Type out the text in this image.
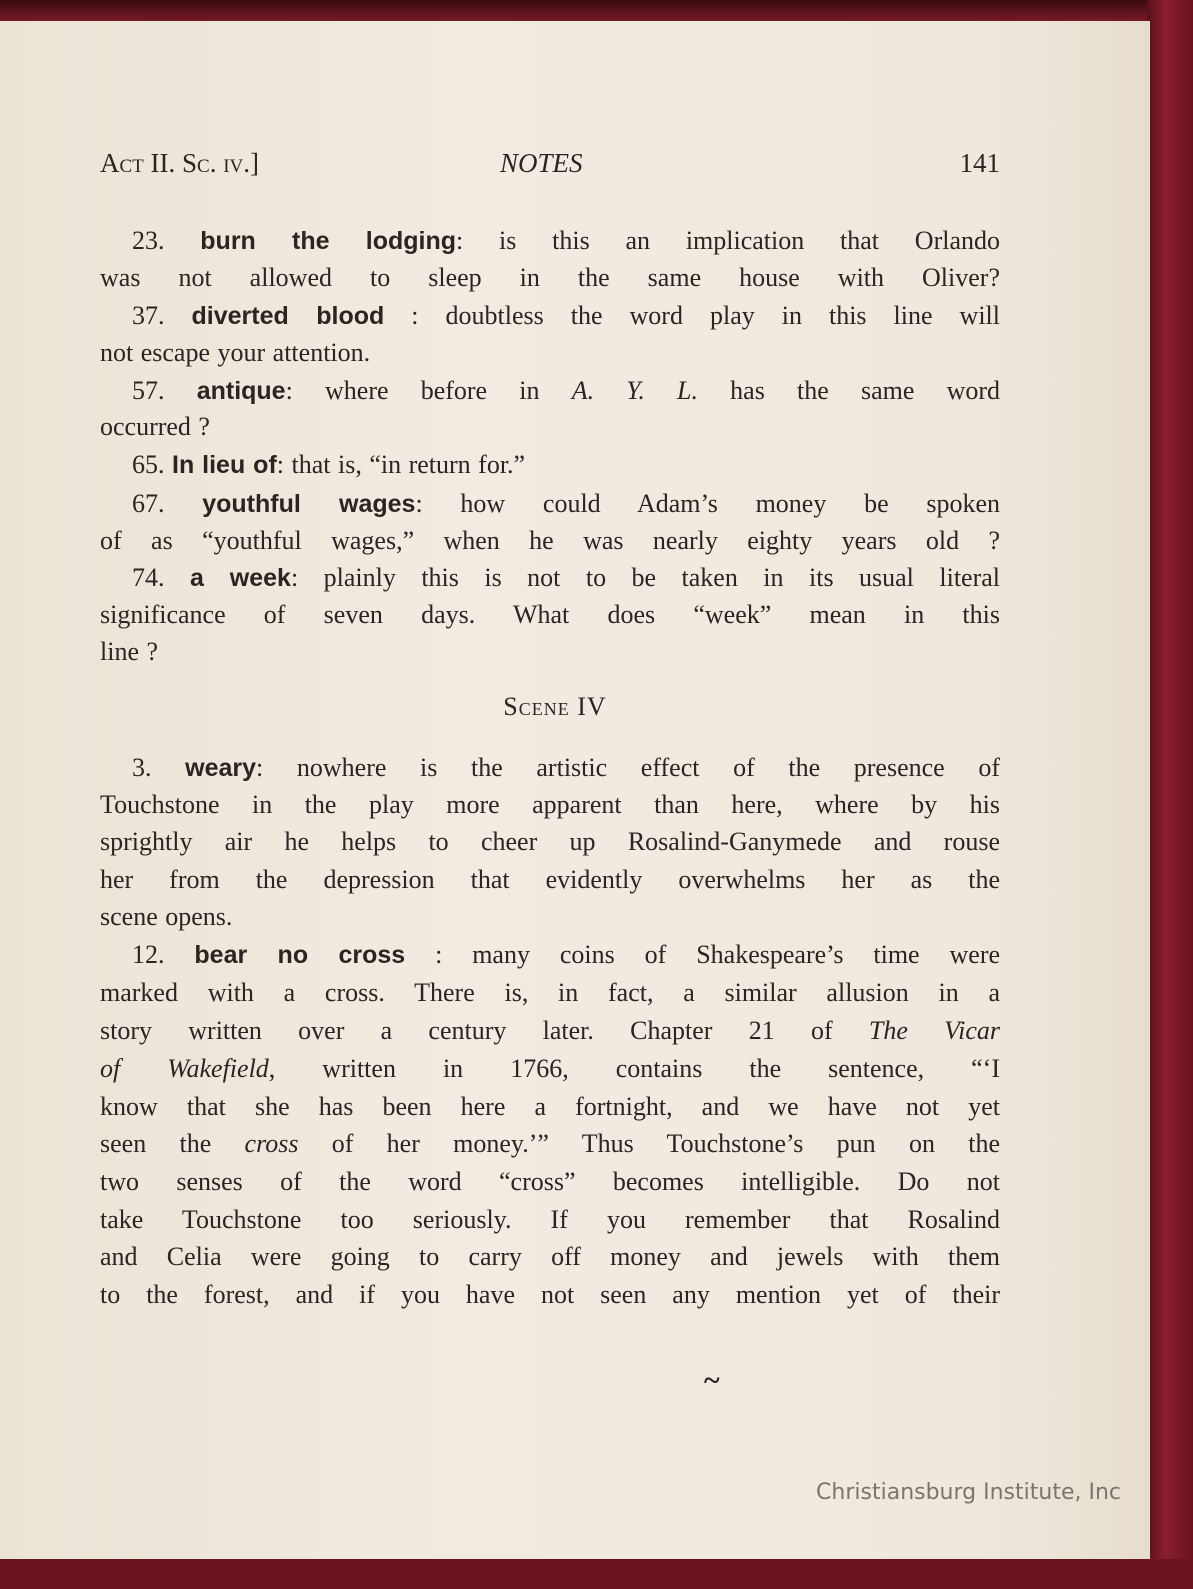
Act II. Sc. iv.]	NOTES	141
23. burn the lodging: is this an implication that Orlando
was not allowed to sleep in the same house with Oliver?
37. diverted blood : doubtless the word play in this line will
not escape your attention.
57. antique: where before in A. Y. L. has the same word
occurred ?
65. In lieu of: that is, “in return for.”
67. youthful wages: how could Adam’s money be spoken
of as “youthful wages,” when he was nearly eighty years old ?
74. a week: plainly this is not to be taken in its usual literal
significance of seven days. What does “week” mean in this
line ?
3. weary: nowhere is the artistic effect of the presence of
Touchstone in the play more apparent than here, where by his
sprightly air he helps to cheer up Rosalind-Ganymede and rouse
her from the depression that evidently overwhelms her as the
scene opens.
12. bear no cross : many coins of Shakespeare’s time were
marked with a cross. There is, in fact, a similar allusion in a
story written over a century later. Chapter 21 of The Vicar
of Wakefield, written in 1766, contains the sentence, “‘I
know that she has been here a fortnight, and we have not yet
seen the cross of her money.’” Thus Touchstone’s pun on the
two senses of the word “cross” becomes intelligible. Do not
take Touchstone too seriously. If you remember that Rosalind
and Celia were going to carry off money and jewels with them
to the forest, and if you have not seen any mention yet of their
Scene IV
~
Christiansburg Institute, Inc
